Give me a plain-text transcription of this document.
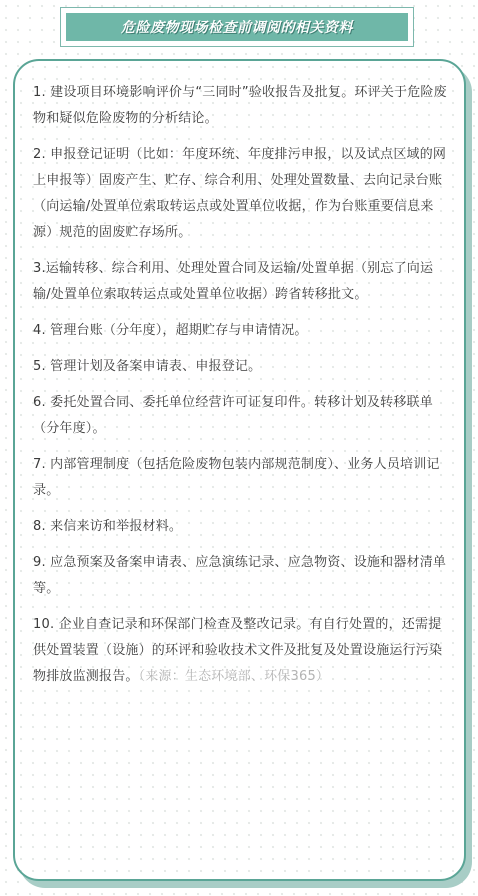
危险废物现场检查前调阅的相关资料
1. 建设项目环境影响评价与“三同时”验收报告及批复。环评关于危险废物和疑似危险废物的分析结论。
2. 申报登记证明（比如：年度环统、年度排污申报，以及试点区域的网上申报等）固废产生、贮存、综合利用、处理处置数量、去向记录台账（向运输/处置单位索取转运点或处置单位收据，作为台账重要信息来源）规范的固废贮存场所。
3.运输转移、综合利用、处理处置合同及运输/处置单据（别忘了向运输/处置单位索取转运点或处置单位收据）跨省转移批文。
4. 管理台账（分年度），超期贮存与申请情况。
5. 管理计划及备案申请表、申报登记。
6. 委托处置合同、委托单位经营许可证复印件。转移计划及转移联单（分年度）。
7. 内部管理制度（包括危险废物包装内部规范制度）、业务人员培训记录。
8. 来信来访和举报材料。
9. 应急预案及备案申请表、应急演练记录、应急物资、设施和器材清单等。
10. 企业自查记录和环保部门检查及整改记录。有自行处置的，还需提供处置装置（设施）的环评和验收技术文件及批复及处置设施运行污染物排放监测报告。（来源：生态环境部、环保365）
